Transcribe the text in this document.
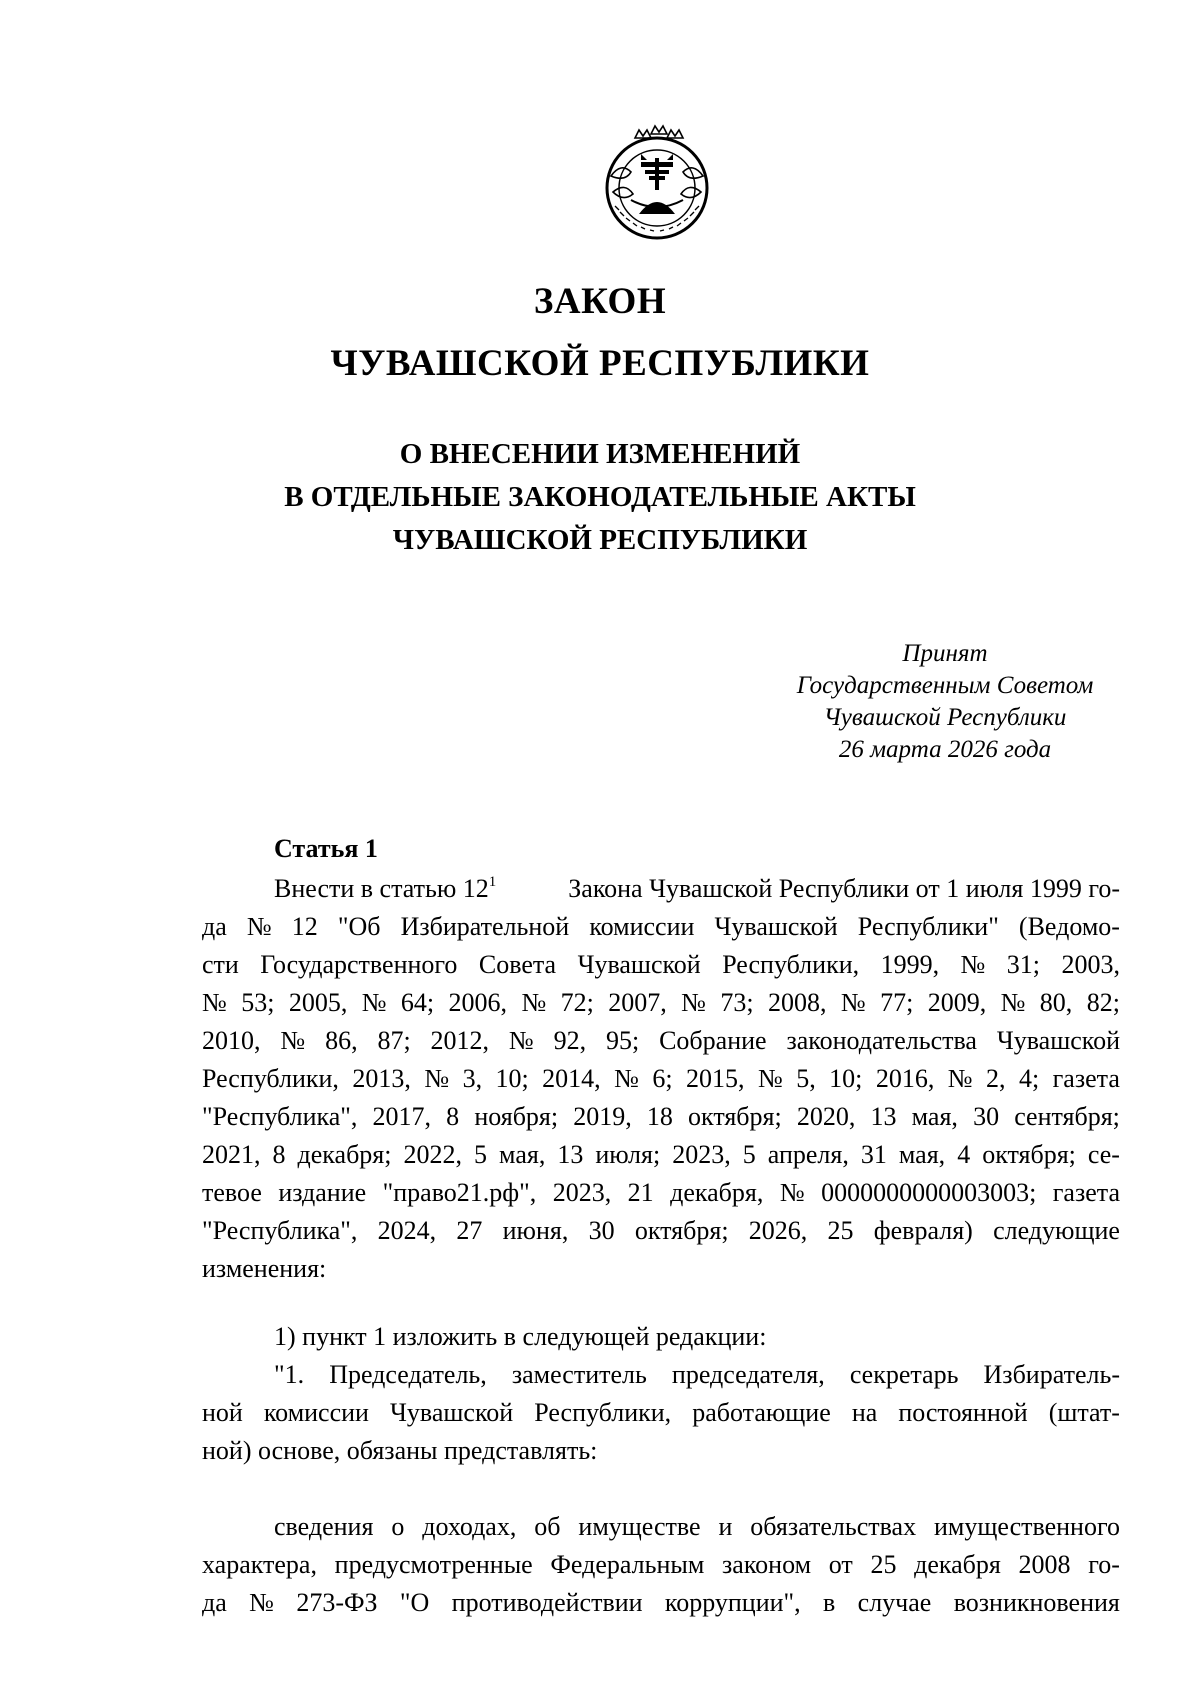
ЗАКОН
ЧУВАШСКОЙ РЕСПУБЛИКИ
О ВНЕСЕНИИ ИЗМЕНЕНИЙ
В ОТДЕЛЬНЫЕ ЗАКОНОДАТЕЛЬНЫЕ АКТЫ
ЧУВАШСКОЙ РЕСПУБЛИКИ
Принят
Государственным Советом
Чувашской Республики
26 марта 2026 года
Статья 1
Внести в статью $12^1$	Закона Чувашской Республики от 1 июля 1999 го-
да № 12 "Об Избирательной комиссии Чувашской Республики" (Ведомо-
сти Государственного Совета Чувашской Республики, 1999, № 31; 2003,
№ 53; 2005, № 64; 2006, № 72; 2007, № 73; 2008, № 77; 2009, № 80, 82;
2010, № 86, 87; 2012, № 92, 95; Собрание законодательства Чувашской
Республики, 2013, № 3, 10; 2014, № 6; 2015, № 5, 10; 2016, № 2, 4; газета
"Республика", 2017, 8 ноября; 2019, 18 октября; 2020, 13 мая, 30 сентября;
2021, 8 декабря; 2022, 5 мая, 13 июля; 2023, 5 апреля, 31 мая, 4 октября; се-
тевое издание "право21.рф", 2023, 21 декабря, № 0000000000003003; газета
"Республика", 2024, 27 июня, 30 октября; 2026, 25 февраля) следующие
изменения:
1) пункт 1 изложить в следующей редакции:
"1. Председатель, заместитель председателя, секретарь Избиратель-
ной комиссии Чувашской Республики, работающие на постоянной (штат-
ной) основе, обязаны представлять:
сведения о доходах, об имуществе и обязательствах имущественного
характера, предусмотренные Федеральным законом от 25 декабря 2008 го-
да № 273-ФЗ "О противодействии коррупции", в случае возникновения
